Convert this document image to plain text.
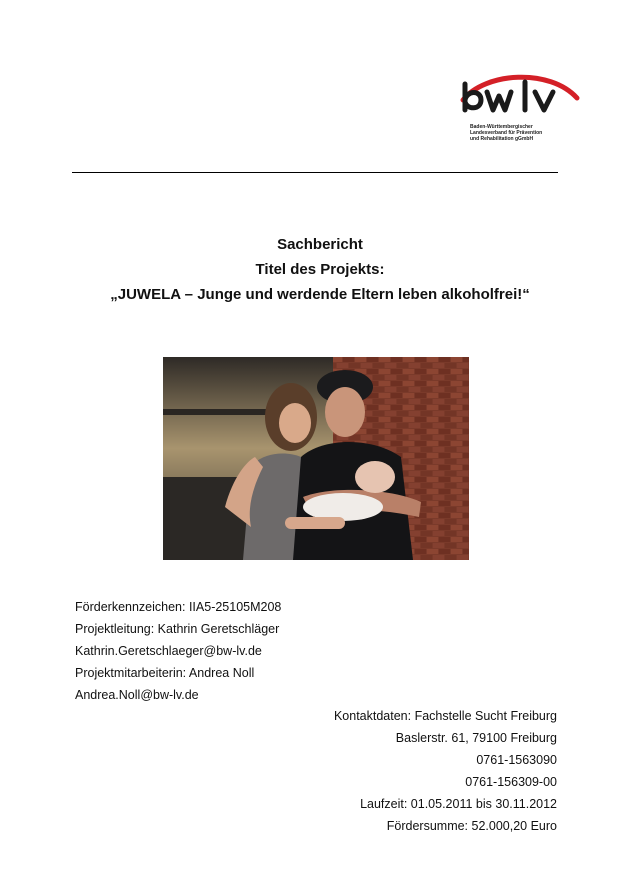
Baden-Württembergischer
Landesverband für Prävention
und Rehabilitation gGmbH
Sachbericht
Titel des Projekts:
„JUWELA – Junge und werdende Eltern leben alkoholfrei!“
Förderkennzeichen: IIA5-25105M208
Projektleitung: Kathrin Geretschläger
Kathrin.Geretschlaeger@bw-lv.de
Projektmitarbeiterin: Andrea Noll
Andrea.Noll@bw-lv.de
Kontaktdaten: Fachstelle Sucht Freiburg
Baslerstr. 61, 79100 Freiburg
0761-1563090
0761-156309-00
Laufzeit: 01.05.2011 bis 30.11.2012
Fördersumme: 52.000,20 Euro
